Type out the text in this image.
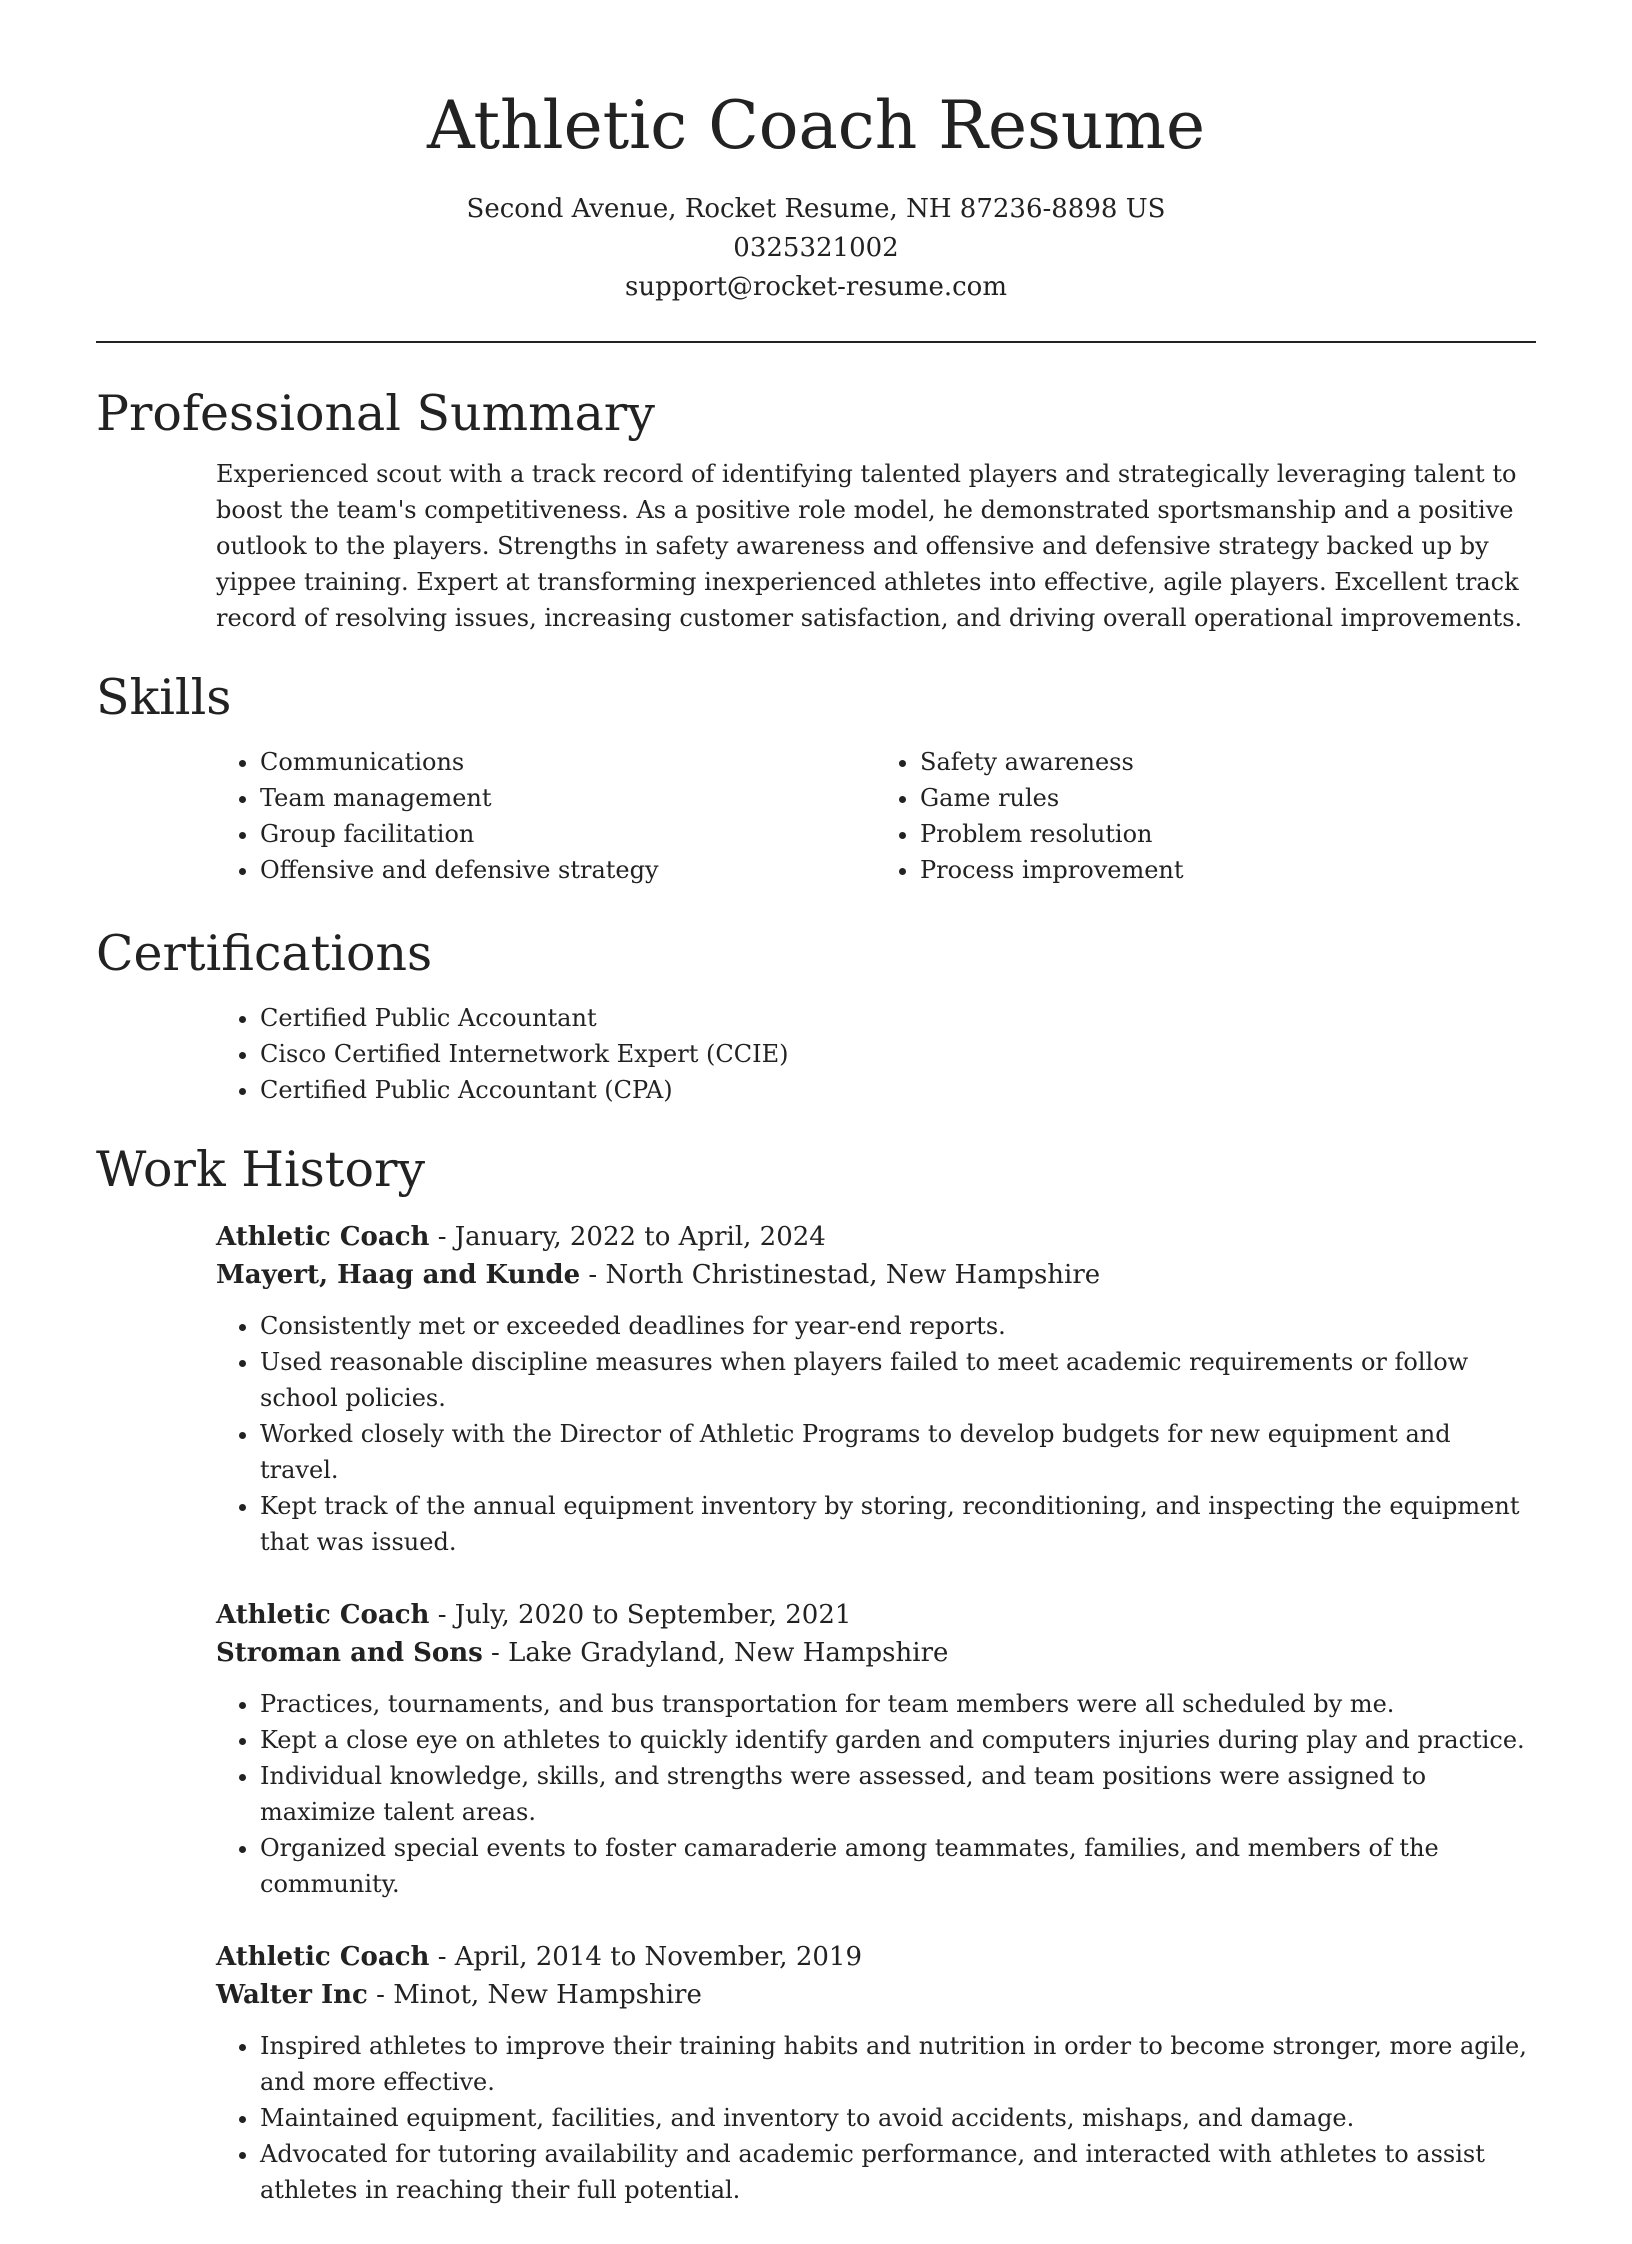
Athletic Coach Resume
Second Avenue, Rocket Resume, NH 87236-8898 US
0325321002
support@rocket-resume.com
Professional Summary
Experienced scout with a track record of identifying talented players and strategically leveraging talent to boost the team's competitiveness. As a positive role model, he demonstrated sportsmanship and a positive outlook to the players. Strengths in safety awareness and offensive and defensive strategy backed up by yippee training. Expert at transforming inexperienced athletes into effective, agile players. Excellent track record of resolving issues, increasing customer satisfaction, and driving overall operational improvements.
Skills
• Communications
• Team management
• Group facilitation
• Offensive and defensive strategy
• Safety awareness
• Game rules
• Problem resolution
• Process improvement
Certifications
• Certified Public Accountant
• Cisco Certified Internetwork Expert (CCIE)
• Certified Public Accountant (CPA)
Work History
Athletic Coach - January, 2022 to April, 2024
Mayert, Haag and Kunde - North Christinestad, New Hampshire
• Consistently met or exceeded deadlines for year-end reports.
• Used reasonable discipline measures when players failed to meet academic requirements or follow school policies.
• Worked closely with the Director of Athletic Programs to develop budgets for new equipment and travel.
• Kept track of the annual equipment inventory by storing, reconditioning, and inspecting the equipment that was issued.
Athletic Coach - July, 2020 to September, 2021
Stroman and Sons - Lake Gradyland, New Hampshire
• Practices, tournaments, and bus transportation for team members were all scheduled by me.
• Kept a close eye on athletes to quickly identify garden and computers injuries during play and practice.
• Individual knowledge, skills, and strengths were assessed, and team positions were assigned to maximize talent areas.
• Organized special events to foster camaraderie among teammates, families, and members of the community.
Athletic Coach - April, 2014 to November, 2019
Walter Inc - Minot, New Hampshire
• Inspired athletes to improve their training habits and nutrition in order to become stronger, more agile, and more effective.
• Maintained equipment, facilities, and inventory to avoid accidents, mishaps, and damage.
• Advocated for tutoring availability and academic performance, and interacted with athletes to assist athletes in reaching their full potential.
